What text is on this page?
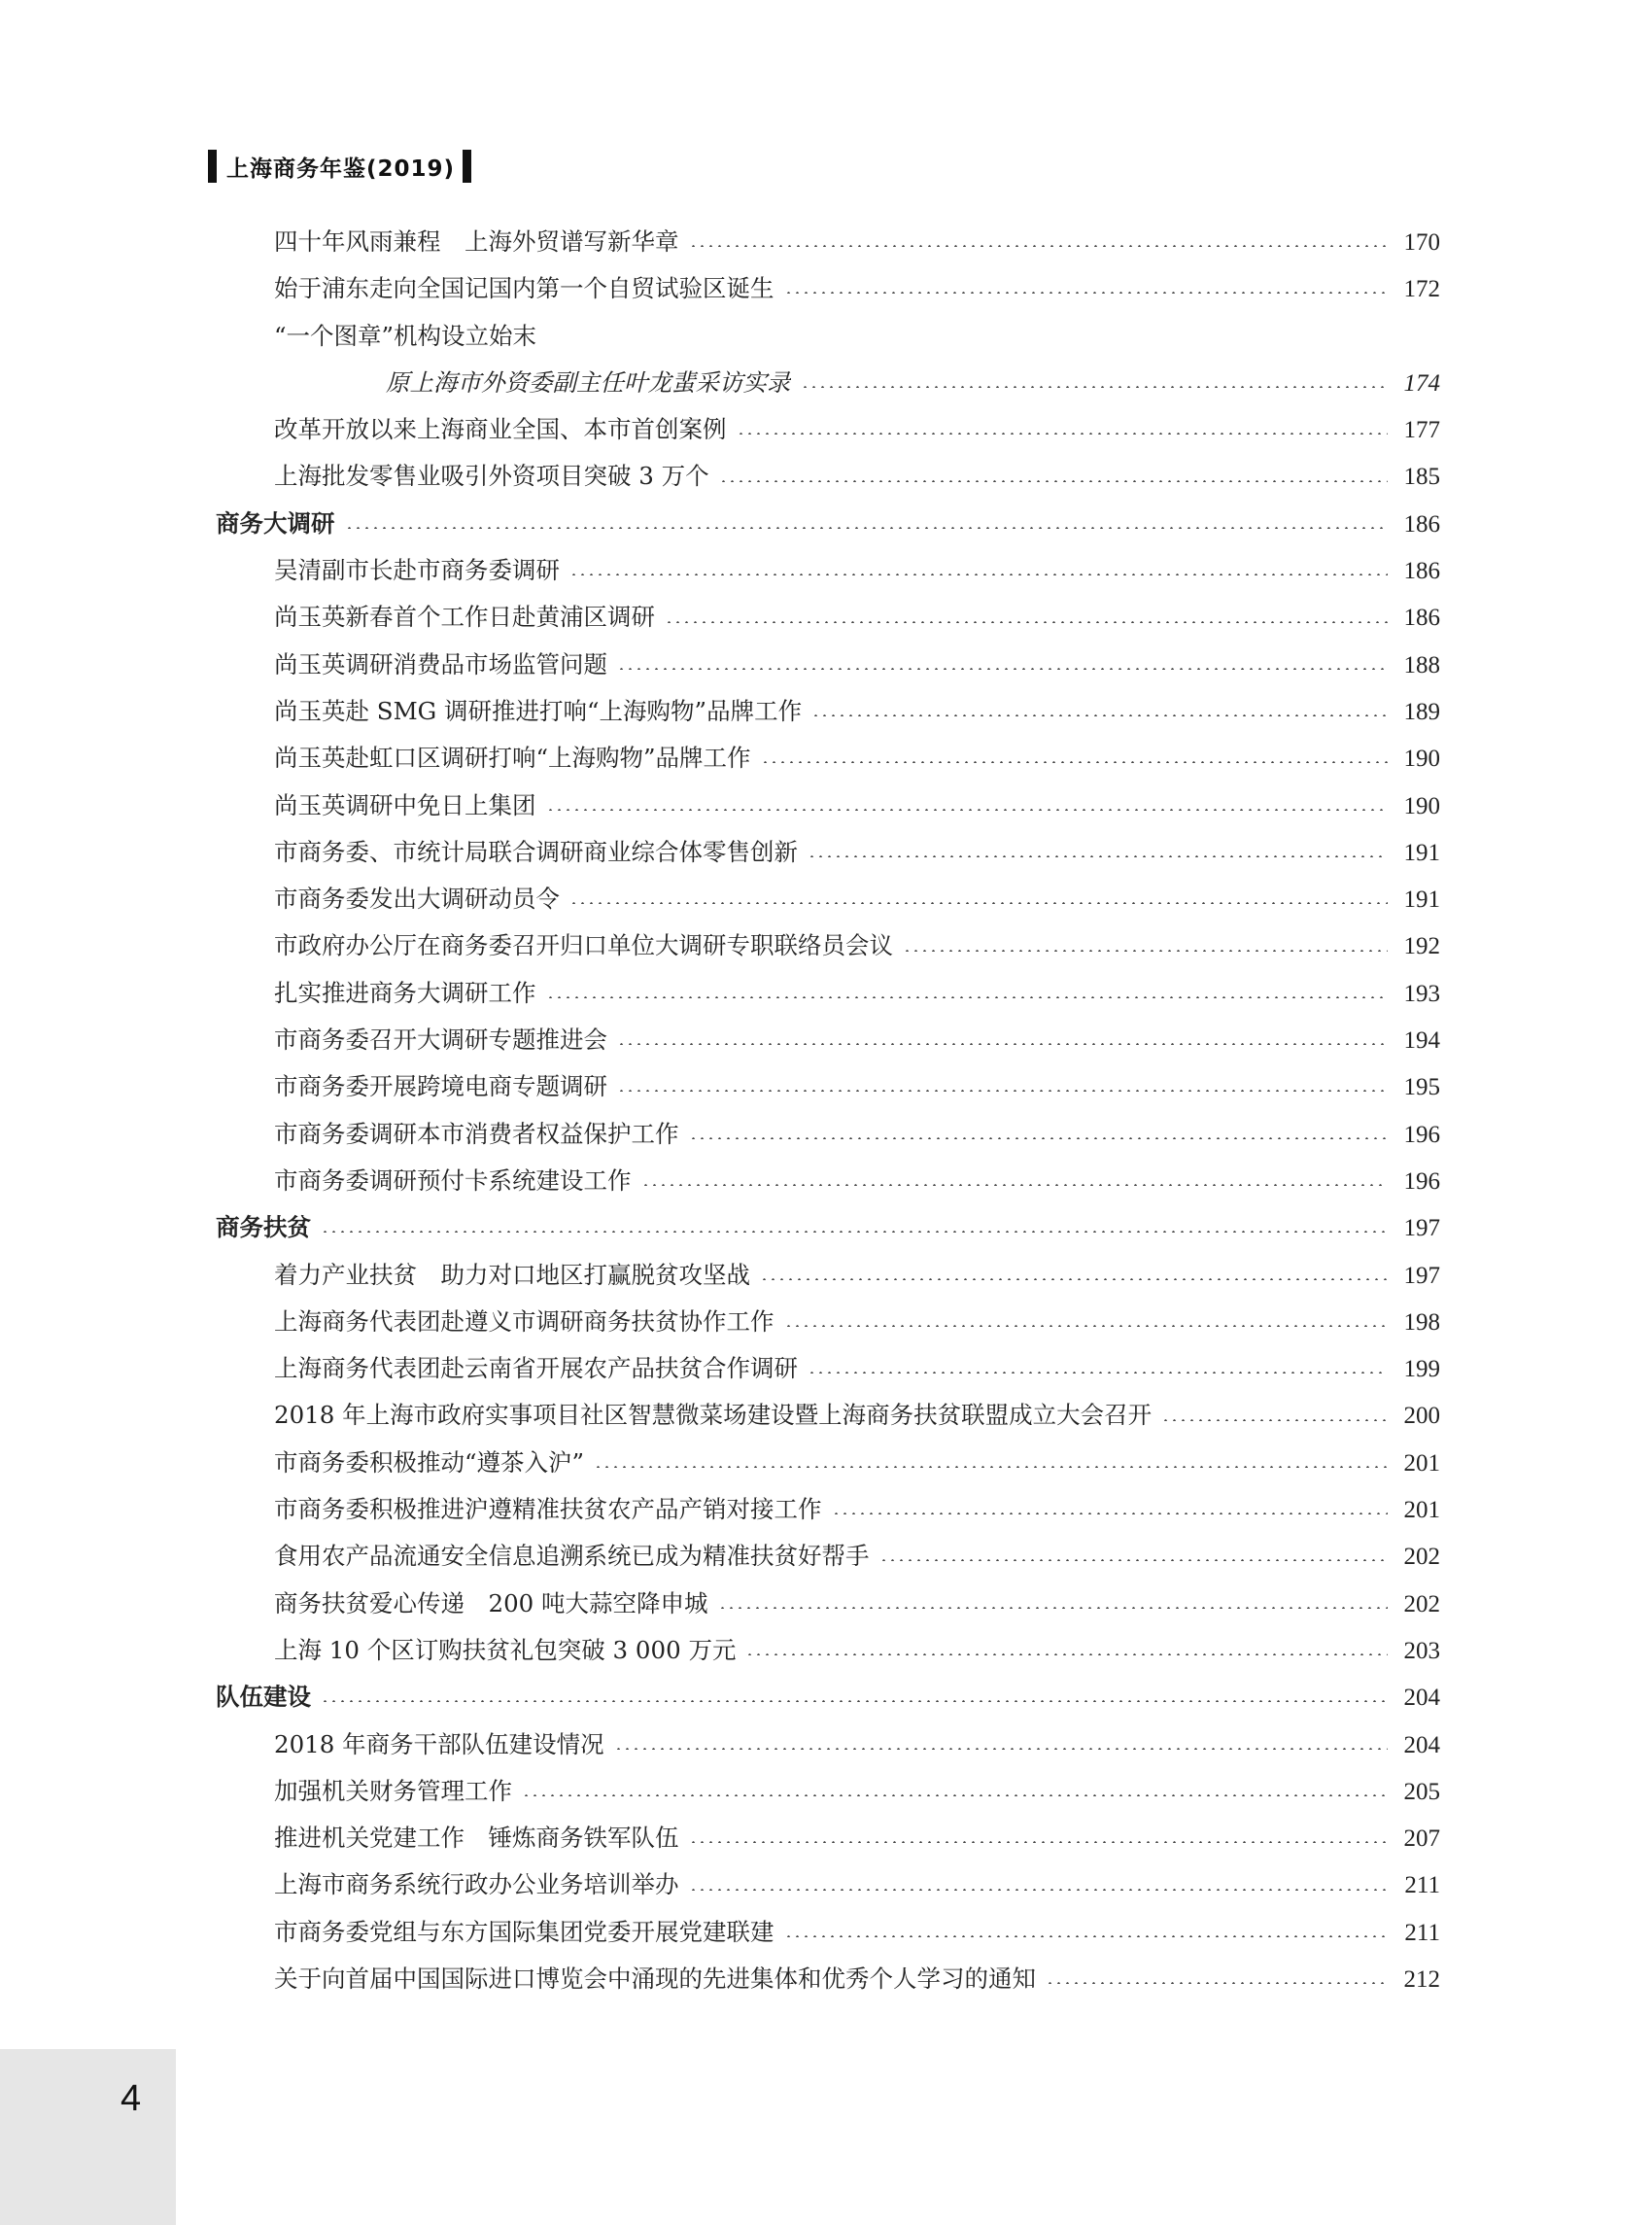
上海商务年鉴(2019)
四十年风雨兼程　上海外贸谱写新华章	170
始于浦东走向全国记国内第一个自贸试验区诞生	172
“一个图章”机构设立始末
原上海市外资委副主任叶龙蜚采访实录	174
改革开放以来上海商业全国、本市首创案例	177
上海批发零售业吸引外资项目突破 3 万个	185
商务大调研	186
吴清副市长赴市商务委调研	186
尚玉英新春首个工作日赴黄浦区调研	186
尚玉英调研消费品市场监管问题	188
尚玉英赴 SMG 调研推进打响“上海购物”品牌工作	189
尚玉英赴虹口区调研打响“上海购物”品牌工作	190
尚玉英调研中免日上集团	190
市商务委、市统计局联合调研商业综合体零售创新	191
市商务委发出大调研动员令	191
市政府办公厅在商务委召开归口单位大调研专职联络员会议	192
扎实推进商务大调研工作	193
市商务委召开大调研专题推进会	194
市商务委开展跨境电商专题调研	195
市商务委调研本市消费者权益保护工作	196
市商务委调研预付卡系统建设工作	196
商务扶贫	197
着力产业扶贫　助力对口地区打赢脱贫攻坚战	197
上海商务代表团赴遵义市调研商务扶贫协作工作	198
上海商务代表团赴云南省开展农产品扶贫合作调研	199
2018 年上海市政府实事项目社区智慧微菜场建设暨上海商务扶贫联盟成立大会召开	200
市商务委积极推动“遵茶入沪”	201
市商务委积极推进沪遵精准扶贫农产品产销对接工作	201
食用农产品流通安全信息追溯系统已成为精准扶贫好帮手	202
商务扶贫爱心传递　200 吨大蒜空降申城	202
上海 10 个区订购扶贫礼包突破 3 000 万元	203
队伍建设	204
2018 年商务干部队伍建设情况	204
加强机关财务管理工作	205
推进机关党建工作　锤炼商务铁军队伍	207
上海市商务系统行政办公业务培训举办	211
市商务委党组与东方国际集团党委开展党建联建	211
关于向首届中国国际进口博览会中涌现的先进集体和优秀个人学习的通知	212
4
